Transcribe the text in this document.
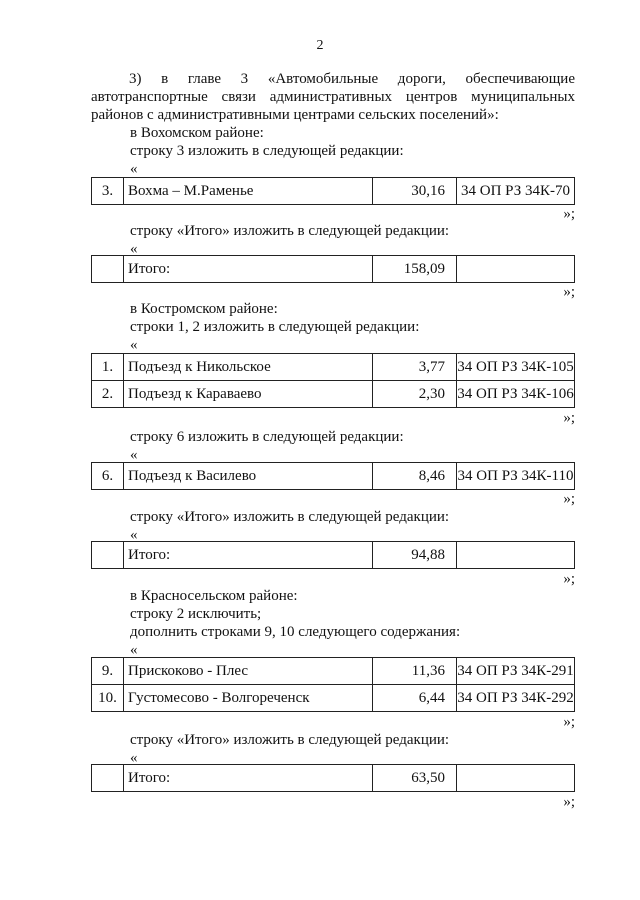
2
3) в главе 3 «Автомобильные дороги, обеспечивающие
автотранспортные связи административных центров муниципальных
районов с административными центрами сельских поселений»:
в Вохомском районе:
строку 3 изложить в следующей редакции:
«
3.	Вохма – М.Раменье	30,16	34 ОП РЗ 34К-70
»;
строку «Итого» изложить в следующей редакции:
«
	Итого:	158,09	
»;
в Костромском районе:
строки 1, 2 изложить в следующей редакции:
«
1.	Подъезд к Никольское	3,77	34 ОП РЗ 34К-105
2.	Подъезд к Караваево	2,30	34 ОП РЗ 34К-106
»;
строку 6 изложить в следующей редакции:
«
6.	Подъезд к Василево	8,46	34 ОП РЗ 34К-110
»;
строку «Итого» изложить в следующей редакции:
«
	Итого:	94,88	
»;
в Красносельском районе:
строку 2 исключить;
дополнить строками 9, 10 следующего содержания:
«
9.	Прискоково - Плес	11,36	34 ОП РЗ 34К-291
10.	Густомесово - Волгореченск	6,44	34 ОП РЗ 34К-292
»;
строку «Итого» изложить в следующей редакции:
«
	Итого:	63,50	
»;
